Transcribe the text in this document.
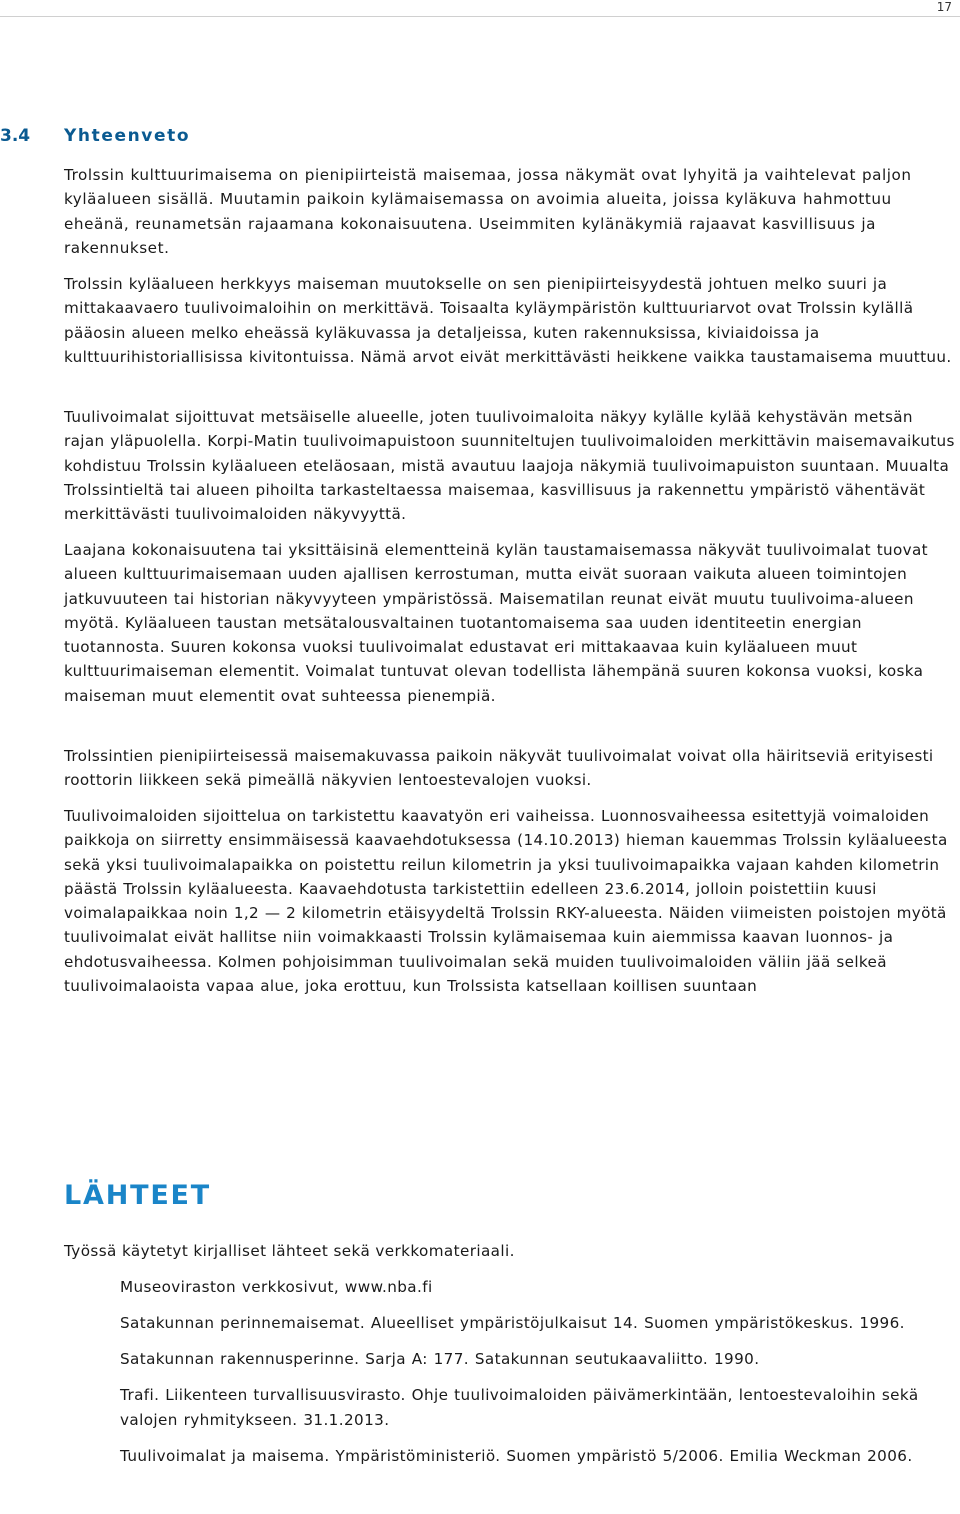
17
3.4 Yhteenveto

Trolssin kulttuurimaisema on pienipiirteistä maisemaa, jossa näkymät ovat lyhyitä ja vaihtelevat paljon kyläalueen sisällä. Muutamin paikoin kylämaisemassa on avoimia alueita, joissa kyläkuva hahmottuu eheänä, reunametsän rajaamana kokonaisuutena. Useimmiten kylänäkymiä rajaavat kasvillisuus ja rakennukset.

Trolssin kyläalueen herkkyys maiseman muutokselle on sen pienipiirteisyydestä johtuen melko suuri ja mittakaavaero tuulivoimaloihin on merkittävä. Toisaalta kyläympäristön kulttuuriarvot ovat Trolssin kylällä pääosin alueen melko eheässä kyläkuvassa ja detaljeissa, kuten rakennuksissa, kiviaidoissa ja kulttuurihistoriallisissa kivitontuissa. Nämä arvot eivät merkittävästi heikkene vaikka taustamaisema muuttuu.

Tuulivoimalat sijoittuvat metsäiselle alueelle, joten tuulivoimaloita näkyy kylälle kylää kehystävän metsän rajan yläpuolella. Korpi-Matin tuulivoimapuistoon suunniteltujen tuulivoimaloiden merkittävin maisemavaikutus kohdistuu Trolssin kyläalueen eteläosaan, mistä avautuu laajoja näkymiä tuulivoimapuiston suuntaan. Muualta Trolssintieltä tai alueen pihoilta tarkasteltaessa maisemaa, kasvillisuus ja rakennettu ympäristö vähentävät merkittävästi tuulivoimaloiden näkyvyyttä.

Laajana kokonaisuutena tai yksittäisinä elementteinä kylän taustamaisemassa näkyvät tuulivoimalat tuovat alueen kulttuurimaisemaan uuden ajallisen kerrostuman, mutta eivät suoraan vaikuta alueen toimintojen jatkuvuuteen tai historian näkyvyyteen ympäristössä. Maisematilan reunat eivät muutu tuulivoima-alueen myötä. Kyläalueen taustan metsätalousvaltainen tuotantomaisema saa uuden identiteetin energian tuotannosta. Suuren kokonsa vuoksi tuulivoimalat edustavat eri mittakaavaa kuin kyläalueen muut kulttuurimaiseman elementit. Voimalat tuntuvat olevan todellista lähempänä suuren kokonsa vuoksi, koska maiseman muut elementit ovat suhteessa pienempiä.

Trolssintien pienipiirteisessä maisemakuvassa paikoin näkyvät tuulivoimalat voivat olla häiritseviä erityisesti roottorin liikkeen sekä pimeällä näkyvien lentoestevalojen vuoksi.

Tuulivoimaloiden sijoittelua on tarkistettu kaavatyön eri vaiheissa. Luonnosvaiheessa esitettyjä voimaloiden paikkoja on siirretty ensimmäisessä kaavaehdotuksessa (14.10.2013) hieman kauemmas Trolssin kyläalueesta sekä yksi tuulivoimalapaikka on poistettu reilun kilometrin ja yksi tuulivoimapaikka vajaan kahden kilometrin päästä Trolssin kyläalueesta. Kaavaehdotusta tarkistettiin edelleen 23.6.2014, jolloin poistettiin kuusi voimalapaikkaa noin 1,2 — 2 kilometrin etäisyydeltä Trolssin RKY-alueesta. Näiden viimeisten poistojen myötä tuulivoimalat eivät hallitse niin voimakkaasti Trolssin kylämaisemaa kuin aiemmissa kaavan luonnos- ja ehdotusvaiheessa. Kolmen pohjoisimman tuulivoimalan sekä muiden tuulivoimaloiden väliin jää selkeä tuulivoimalaoista vapaa alue, joka erottuu, kun Trolssista katsellaan koillisen suuntaan

LÄHTEET
Työssä käytetyt kirjalliset lähteet sekä verkkomateriaali.
Museoviraston verkkosivut, www.nba.fi
Satakunnan perinnemaisemat. Alueelliset ympäristöjulkaisut 14. Suomen ympäristökeskus. 1996.
Satakunnan rakennusperinne. Sarja A: 177. Satakunnan seutukaavaliitto. 1990.
Trafi. Liikenteen turvallisuusvirasto. Ohje tuulivoimaloiden päivämerkintään, lentoestevaloihin sekä valojen ryhmitykseen. 31.1.2013.
Tuulivoimalat ja maisema. Ympäristöministeriö. Suomen ympäristö 5/2006. Emilia Weckman 2006.
